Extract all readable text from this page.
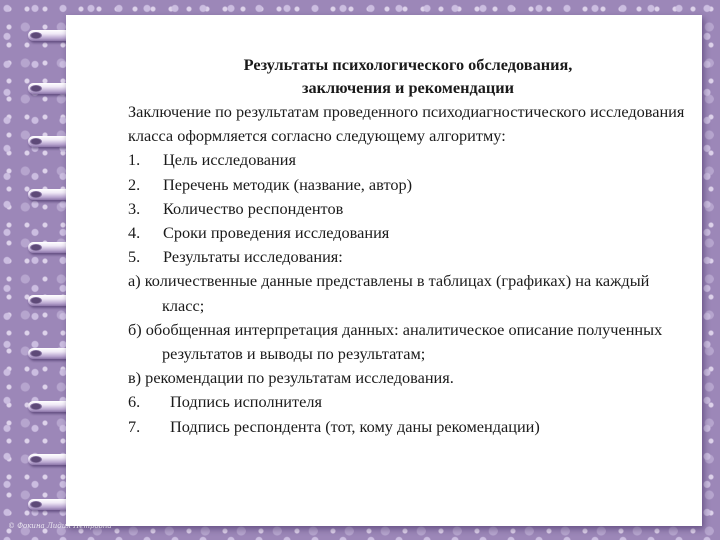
Результаты психологического обследования,
заключения и рекомендации

Заключение по результатам проведенного психодиагностического исследования класса оформляется согласно следующему алгоритму:

1. Цель исследования
2. Перечень методик (название, автор)
3. Количество респондентов
4. Сроки проведения исследования
5. Результаты исследования:
а) количественные данные представлены в таблицах (графиках) на каждый класс;
б) обобщенная интерпретация данных: аналитическое описание полученных результатов и выводы по результатам;
в) рекомендации по результатам исследования.
6. Подпись исполнителя
7. Подпись респондента (тот, кому даны рекомендации)
© Фокина Лидия Петровна
